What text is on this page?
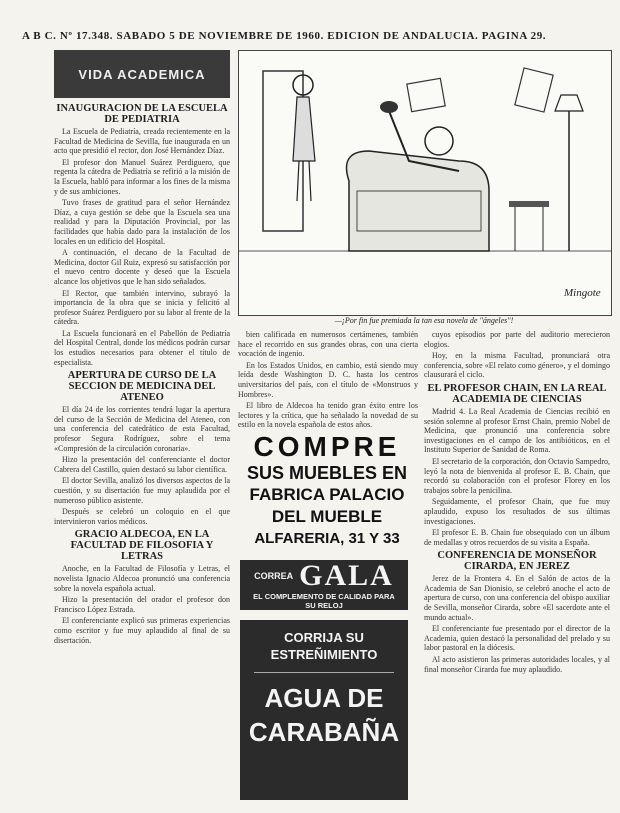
A B C. Nº 17.348. SABADO 5 DE NOVIEMBRE DE 1960. EDICION DE ANDALUCIA. PAGINA 29.
VIDA ACADEMICA
INAUGURACION DE LA ESCUELA DE PEDIATRIA

La Escuela de Pediatría, creada recientemente en la Facultad de Medicina de Sevilla, fue inaugurada en un acto que presidió el rector, don José Hernández Díaz.

El profesor don Manuel Suárez Perdiguero, que regenta la cátedra de Pediatría se refirió a la misión de la Escuela, habló para informar a los fines de la misma y de sus ambiciones.

Tuvo frases de gratitud para el señor Hernández Díaz, a cuya gestión se debe que la Escuela sea una realidad y para la Diputación Provincial, por las facilidades que había dado para la instalación de los locales en un edificio del Hospital.

A continuación, el decano de la Facultad de Medicina, doctor Gil Ruiz, expresó su satisfacción por el nuevo centro docente y deseó que la Escuela alcance los objetivos que le han sido señalados.

El Rector, que también intervino, subrayó la importancia de la obra que se inicia y felicitó al profesor Suárez Perdiguero por su labor al frente de la cátedra.

La Escuela funcionará en el Pabellón de Pediatría del Hospital Central, donde los médicos podrán cursar los estudios necesarios para obtener el título de especialista.

APERTURA DE CURSO DE LA SECCION DE MEDICINA DEL ATENEO

El día 24 de los corrientes tendrá lugar la apertura del curso de la Sección de Medicina del Ateneo, con una conferencia del catedrático de esta Facultad, profesor Segura Rodríguez, sobre el tema «Compresión de la circulación coronaria».

Hizo la presentación del conferenciante el doctor Cabrera del Castillo, quien destacó su labor científica.

El doctor Sevilla, analizó los diversos aspectos de la cuestión, y su disertación fue muy aplaudida por el numeroso público asistente.

Después se celebró un coloquio en el que intervinieron varios médicos.

GRACIO ALDECOA, EN LA FACULTAD DE FILOSOFIA Y LETRAS

Anoche, en la Facultad de Filosofía y Letras, el novelista Ignacio Aldecoa pronunció una conferencia sobre la novela española actual.

Hizo la presentación del orador el profesor don Francisco López Estrada.

El conferenciante explicó sus primeras experiencias como escritor y fue muy aplaudido al final de su disertación.

Mingote
—¡Por fin fue premiada la tan esa novela de "ángeles"!

bien calificada en numerosos certámenes, también hace el recorrido en sus grandes obras, con una cierta vocación de ingenio.

En los Estados Unidos, en cambio, está siendo muy leída desde Washington D. C. hasta los centros universitarios del país, con el título de «Monstruos y Hombres».

El libro de Aldecoa ha tenido gran éxito entre los lectores y la crítica, que ha señalado la novedad de su estilo en la novela española de estos años.

COMPRE
SUS MUEBLES EN
FABRICA PALACIO
DEL MUEBLE
ALFARERIA, 31 Y 33
CORREA GALA
EL COMPLEMENTO DE CALIDAD PARA SU RELOJ
CORRIJA SU
ESTREÑIMIENTO
AGUA DE
CARABAÑA

cuyos episodios por parte del auditorio merecieron elogios.

Hoy, en la misma Facultad, pronunciará otra conferencia, sobre «El relato como género», y el domingo clausurará el ciclo.

EL PROFESOR CHAIN, EN LA REAL ACADEMIA DE CIENCIAS

Madrid 4. La Real Academia de Ciencias recibió en sesión solemne al profesor Ernst Chain, premio Nobel de Medicina, que pronunció una conferencia sobre investigaciones en el campo de los antibióticos, en el Instituto Superior de Sanidad de Roma.

El secretario de la corporación, don Octavio Sampedro, leyó la nota de bienvenida al profesor E. B. Chain, que recordó su colaboración con el profesor Florey en los trabajos sobre la penicilina.

Seguidamente, el profesor Chain, que fue muy aplaudido, expuso los resultados de sus últimas investigaciones.

El profesor E. B. Chain fue obsequiado con un álbum de medallas y otros recuerdos de su visita a España.

CONFERENCIA DE MONSEÑOR CIRARDA, EN JEREZ

Jerez de la Frontera 4. En el Salón de actos de la Academia de San Dionisio, se celebró anoche el acto de apertura de curso, con una conferencia del obispo auxiliar de Sevilla, monseñor Cirarda, sobre «El sacerdote ante el mundo actual».

El conferenciante fue presentado por el director de la Academia, quien destacó la personalidad del prelado y su labor pastoral en la diócesis.

Al acto asistieron las primeras autoridades locales, y al final monseñor Cirarda fue muy aplaudido.
